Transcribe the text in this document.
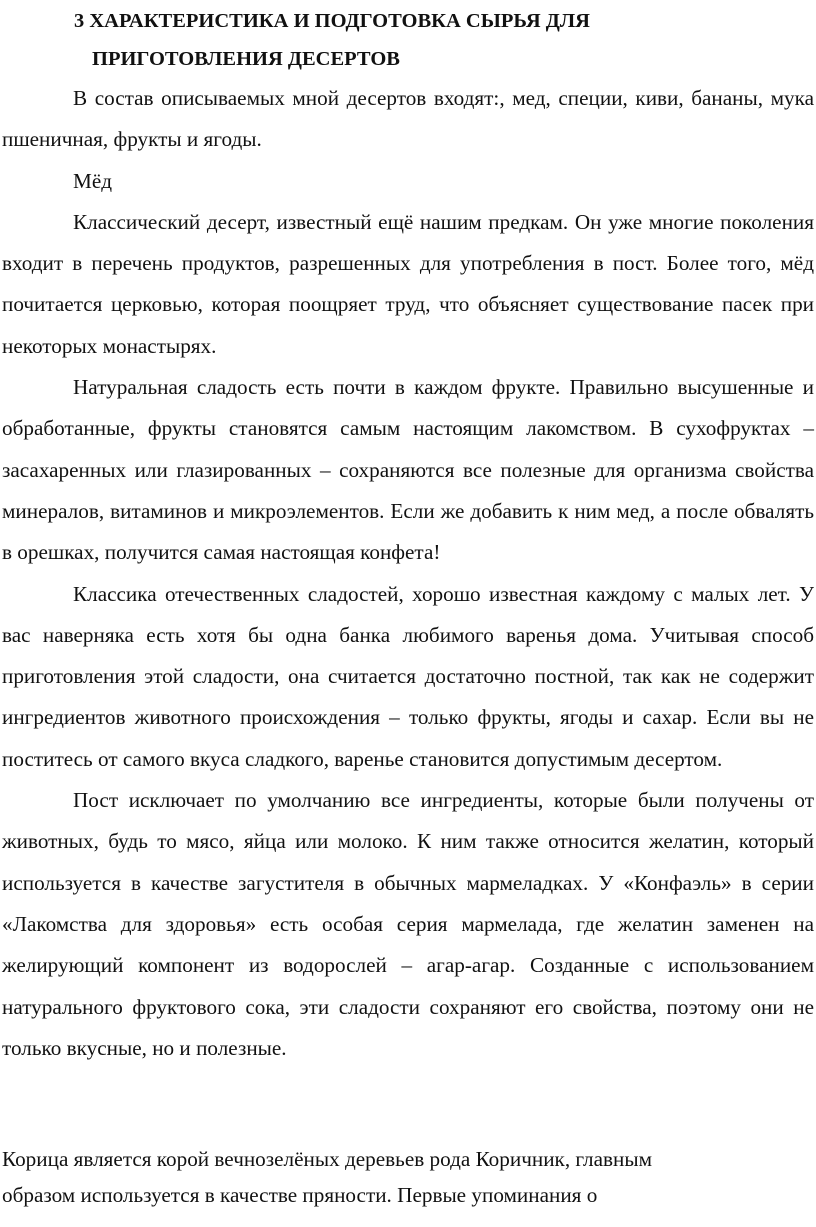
3 ХАРАКТЕРИСТИКА И ПОДГОТОВКА СЫРЬЯ ДЛЯ
ПРИГОТОВЛЕНИЯ ДЕСЕРТОВ

В состав описываемых мной десертов входят:, мед, специи, киви, бананы, мука пшеничная, фрукты и ягоды.

Мёд

Классический десерт, известный ещё нашим предкам. Он уже многие поколения входит в перечень продуктов, разрешенных для употребления в пост. Более того, мёд почитается церковью, которая поощряет труд, что объясняет существование пасек при некоторых монастырях.

Натуральная сладость есть почти в каждом фрукте. Правильно высушенные и обработанные, фрукты становятся самым настоящим лакомством. В сухофруктах – засахаренных или глазированных – сохраняются все полезные для организма свойства минералов, витаминов и микроэлементов. Если же добавить к ним мед, а после обвалять в орешках, получится самая настоящая конфета!

Классика отечественных сладостей, хорошо известная каждому с малых лет. У вас наверняка есть хотя бы одна банка любимого варенья дома. Учитывая способ приготовления этой сладости, она считается достаточно постной, так как не содержит ингредиентов животного происхождения – только фрукты, ягоды и сахар. Если вы не поститесь от самого вкуса сладкого, варенье становится допустимым десертом.

Пост исключает по умолчанию все ингредиенты, которые были получены от животных, будь то мясо, яйца или молоко. К ним также относится желатин, который используется в качестве загустителя в обычных мармеладках. У «Конфаэль» в серии «Лакомства для здоровья» есть особая серия мармелада, где желатин заменен на желирующий компонент из водорослей – агар-агар. Созданные с использованием натурального фруктового сока, эти сладости сохраняют его свойства, поэтому они не только вкусные, но и полезные.

Корица является корой вечнозелёных деревьев рода Коричник, главным
образом используется в качестве пряности. Первые упоминания о
